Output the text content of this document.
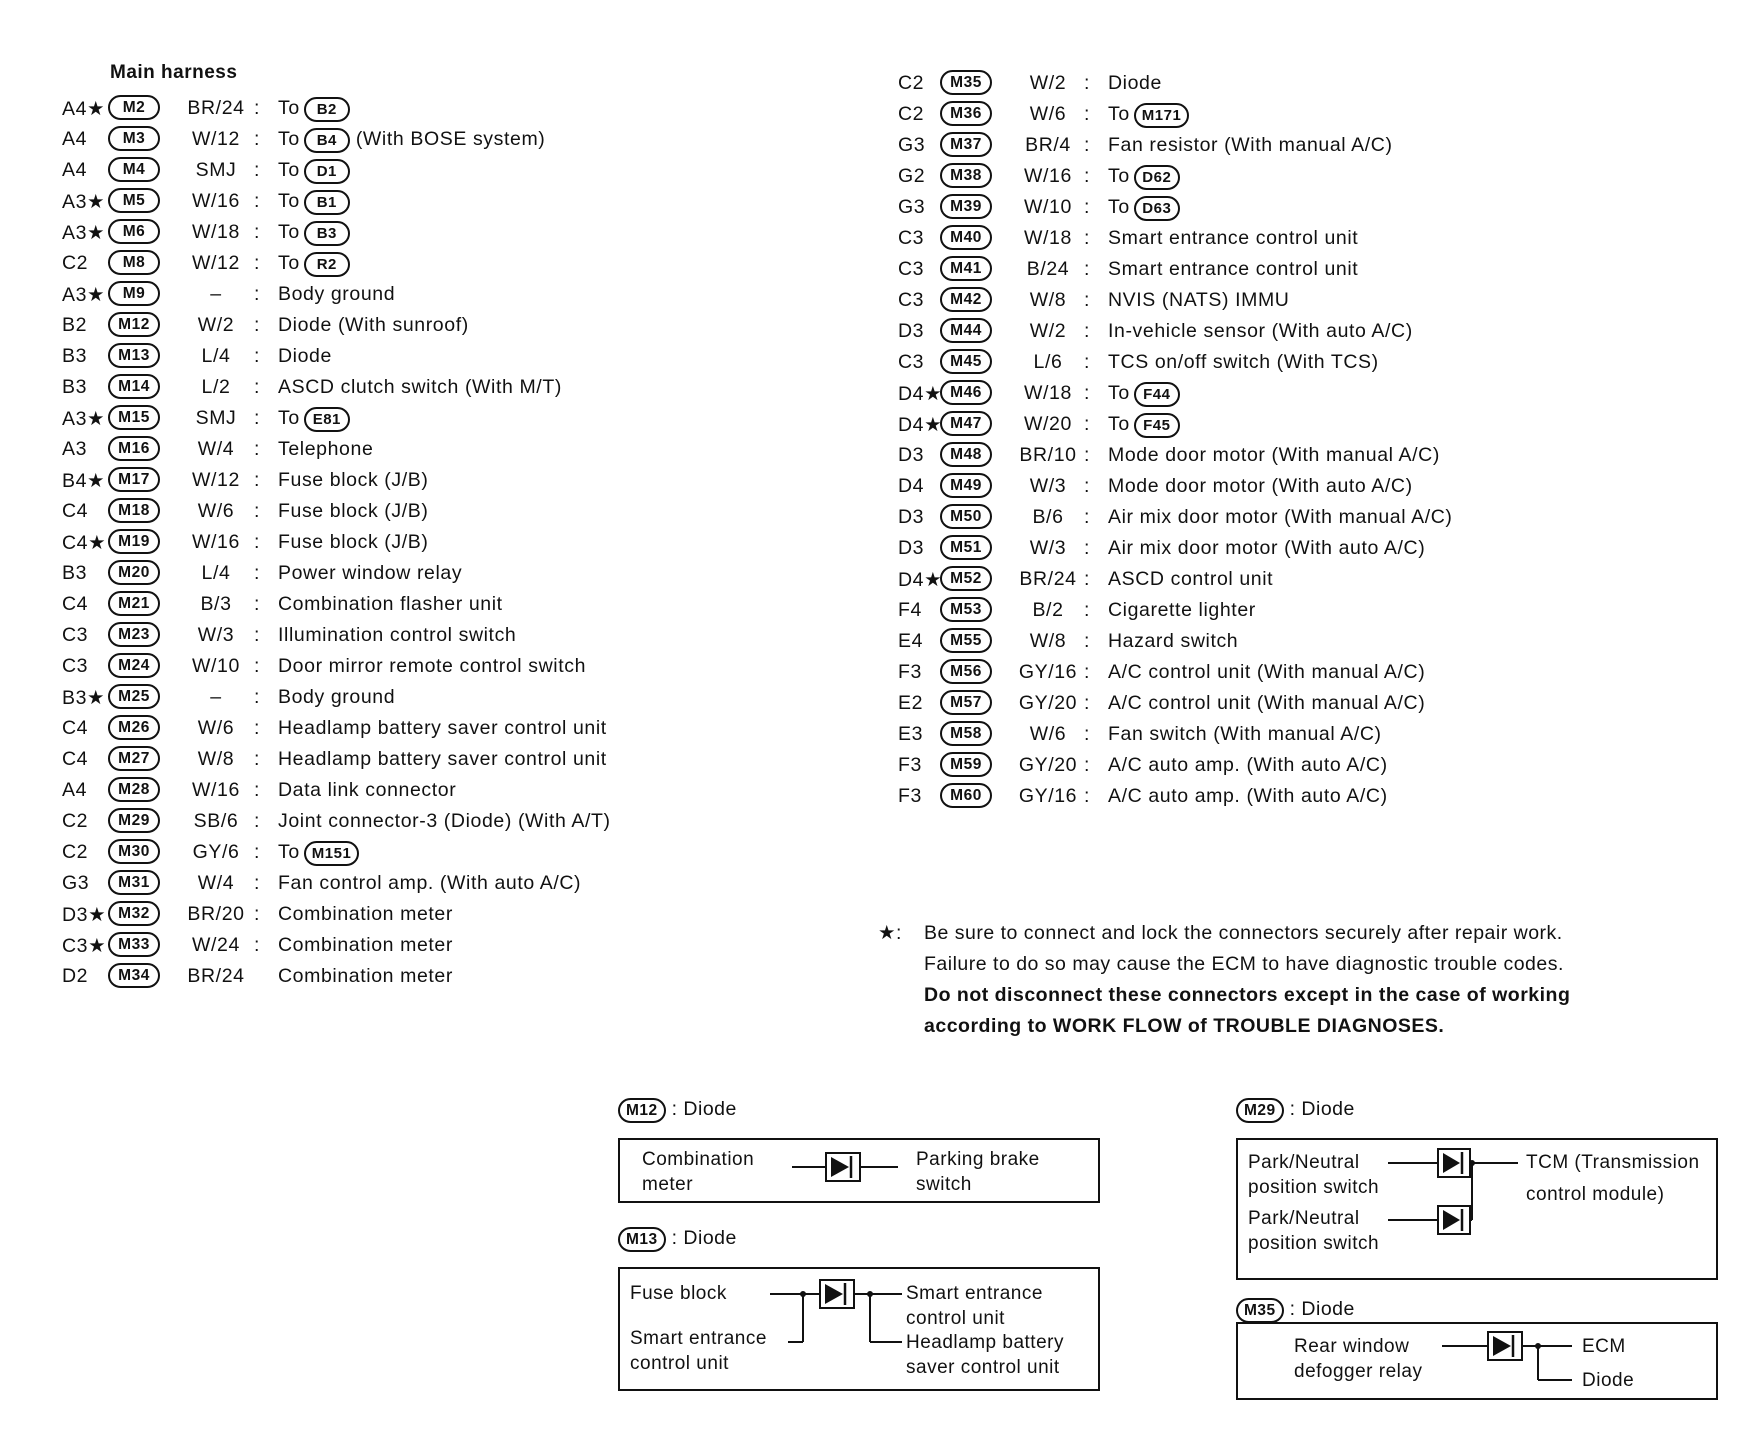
Main harness
A4★	M2	BR/24 : To B2
A4	M3	W/12 : To B4 (With BOSE system)
A4	M4	SMJ : To D1
A3★	M5	W/16 : To B1
A3★	M6	W/18 : To B3
C2	M8	W/12 : To R2
A3★	M9	–	: Body ground
B2	M12	W/2	: Diode (With sunroof)
B3	M13	L/4	: Diode
B3	M14	L/2	: ASCD clutch switch (With M/T)
A3★ M15	SMJ : To E81
A3	M16	W/4	: Telephone
B4★ M17	W/12 : Fuse block (J/B)
C4	M18	W/6	: Fuse block (J/B)
C4★ M19	W/16 : Fuse block (J/B)
B3	M20	L/4	: Power window relay
C4	M21	B/3	: Combination flasher unit
C3	M23	W/3	: Illumination control switch
C3	M24	W/10 : Door mirror remote control switch
B3★ M25	–	: Body ground
C4	M26	W/6	: Headlamp battery saver control unit
C4	M27	W/8	: Headlamp battery saver control unit
A4	M28	W/16 : Data link connector
C2	M29	SB/6 : Joint connector-3 (Diode) (With A/T)
C2	M30	GY/6 : To M151
G3	M31	W/4	: Fan control amp. (With auto A/C)
D3★ M32	BR/20 : Combination meter
C3★ M33	W/24 : Combination meter
D2	M34	BR/24	Combination meter
C2	M35	W/2 : Diode
C2	M36	W/6 : To M171
G3	M37	BR/4 : Fan resistor (With manual A/C)
G2	M38	W/16 : To D62
G3	M39	W/10 : To D63
C3	M40	W/18 : Smart entrance control unit
C3	M41	B/24 : Smart entrance control unit
C3	M42	W/8 : NVIS (NATS) IMMU
D3	M44	W/2 : In-vehicle sensor (With auto A/C)
C3	M45	L/6	: TCS on/off switch (With TCS)
D4★ M46	W/18 : To F44
D4★ M47	W/20 : To F45
D3	M48	BR/10 : Mode door motor (With manual A/C)
D4	M49	W/3 : Mode door motor (With auto A/C)
D3	M50	B/6	: Air mix door motor (With manual A/C)
D3	M51	W/3 : Air mix door motor (With auto A/C)
D4★ M52	BR/24 : ASCD control unit
F4	M53	B/2	: Cigarette lighter
E4	M55	W/8 : Hazard switch
F3	M56	GY/16 : A/C control unit (With manual A/C)
E2	M57	GY/20 : A/C control unit (With manual A/C)
E3	M58	W/6 : Fan switch (With manual A/C)
F3	M59	GY/20 : A/C auto amp. (With auto A/C)
F3	M60	GY/16 : A/C auto amp. (With auto A/C)
★: Be sure to connect and lock the connectors securely after repair work.
Failure to do so may cause the ECM to have diagnostic trouble codes.
Do not disconnect these connectors except in the case of working
according to WORK FLOW of TROUBLE DIAGNOSES.
M12 : Diode
Combination
meter
Parking brake
switch
M13 : Diode
Fuse block
Smart entrance
control unit
Smart entrance
control unit
Headlamp battery
saver control unit
M29 : Diode
Park/Neutral
position switch
Park/Neutral
position switch
TCM (Transmission
control module)
M35 : Diode
Rear window
defogger relay
ECM
Diode
